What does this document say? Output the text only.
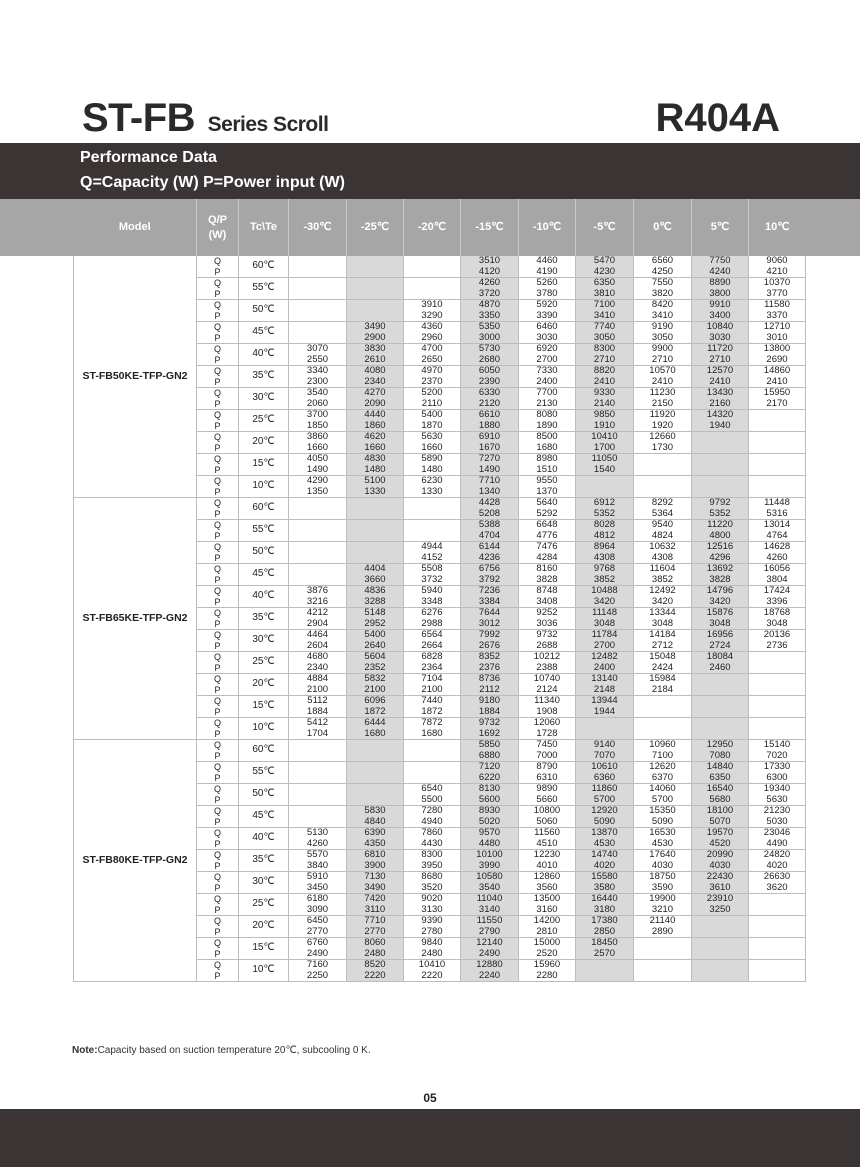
ST-FB Series Scroll	R404A
Performance Data
Q=Capacity (W) P=Power input (W)
Model	Q/P
(W)	Tc\Te	-30℃	-25℃	-20℃	-15℃	-10℃	-5℃	0℃	5℃	10℃
ST-FB50KE-TFP-GN2	Q	60℃				3510	4460	5470	6560	7750	9060
	P					4120	4190	4230	4250	4240	4210
	Q	55℃				4260	5260	6350	7550	8890	10370
	P					3720	3780	3810	3820	3800	3770
	Q	50℃			3910	4870	5920	7100	8420	9910	11580
	P				3290	3350	3390	3410	3410	3400	3370
	Q	45℃		3490	4360	5350	6460	7740	9190	10840	12710
	P			2900	2960	3000	3030	3050	3050	3030	3010
	Q	40℃	3070	3830	4700	5730	6920	8300	9900	11720	13800
	P		2550	2610	2650	2680	2700	2710	2710	2710	2690
	Q	35℃	3340	4080	4970	6050	7330	8820	10570	12570	14860
	P		2300	2340	2370	2390	2400	2410	2410	2410	2410
	Q	30℃	3540	4270	5200	6330	7700	9330	11230	13430	15950
	P		2060	2090	2110	2120	2130	2140	2150	2160	2170
	Q	25℃	3700	4440	5400	6610	8080	9850	11920	14320	
	P		1850	1860	1870	1880	1890	1910	1920	1940	
	Q	20℃	3860	4620	5630	6910	8500	10410	12660		
	P		1660	1660	1660	1670	1680	1700	1730		
	Q	15℃	4050	4830	5890	7270	8980	11050			
	P		1490	1480	1480	1490	1510	1540			
	Q	10℃	4290	5100	6230	7710	9550				
	P		1350	1330	1330	1340	1370				
ST-FB65KE-TFP-GN2	Q	60℃				4428	5640	6912	8292	9792	11448
	P					5208	5292	5352	5364	5352	5316
	Q	55℃				5388	6648	8028	9540	11220	13014
	P					4704	4776	4812	4824	4800	4764
	Q	50℃			4944	6144	7476	8964	10632	12516	14628
	P				4152	4236	4284	4308	4308	4296	4260
	Q	45℃		4404	5508	6756	8160	9768	11604	13692	16056
	P			3660	3732	3792	3828	3852	3852	3828	3804
	Q	40℃	3876	4836	5940	7236	8748	10488	12492	14796	17424
	P		3216	3288	3348	3384	3408	3420	3420	3420	3396
	Q	35℃	4212	5148	6276	7644	9252	11148	13344	15876	18768
	P		2904	2952	2988	3012	3036	3048	3048	3048	3048
	Q	30℃	4464	5400	6564	7992	9732	11784	14184	16956	20136
	P		2604	2640	2664	2676	2688	2700	2712	2724	2736
	Q	25℃	4680	5604	6828	8352	10212	12482	15048	18084	
	P		2340	2352	2364	2376	2388	2400	2424	2460	
	Q	20℃	4884	5832	7104	8736	10740	13140	15984		
	P		2100	2100	2100	2112	2124	2148	2184		
	Q	15℃	5112	6096	7440	9180	11340	13944			
	P		1884	1872	1872	1884	1908	1944			
	Q	10℃	5412	6444	7872	9732	12060				
	P		1704	1680	1680	1692	1728				
ST-FB80KE-TFP-GN2	Q	60℃				5850	7450	9140	10960	12950	15140
	P					6880	7000	7070	7100	7080	7020
	Q	55℃				7120	8790	10610	12620	14840	17330
	P					6220	6310	6360	6370	6350	6300
	Q	50℃			6540	8130	9890	11860	14060	16540	19340
	P				5500	5600	5660	5700	5700	5680	5630
	Q	45℃		5830	7280	8930	10800	12920	15350	18100	21230
	P			4840	4940	5020	5060	5090	5090	5070	5030
	Q	40℃	5130	6390	7860	9570	11560	13870	16530	19570	23046
	P		4260	4350	4430	4480	4510	4530	4530	4520	4490
	Q	35℃	5570	6810	8300	10100	12230	14740	17640	20990	24820
	P		3840	3900	3950	3990	4010	4020	4030	4030	4020
	Q	30℃	5910	7130	8680	10580	12860	15580	18750	22430	26630
	P		3450	3490	3520	3540	3560	3580	3590	3610	3620
	Q	25℃	6180	7420	9020	11040	13500	16440	19900	23910	
	P		3090	3110	3130	3140	3160	3180	3210	3250	
	Q	20℃	6450	7710	9390	11550	14200	17380	21140		
	P		2770	2770	2780	2790	2810	2850	2890		
	Q	15℃	6760	8060	9840	12140	15000	18450			
	P		2490	2480	2480	2490	2520	2570			
	Q	10℃	7160	8520	10410	12880	15960				
	P		2250	2220	2220	2240	2280				
Note:Capacity based on suction temperature 20℃, subcooling 0 K.
05
